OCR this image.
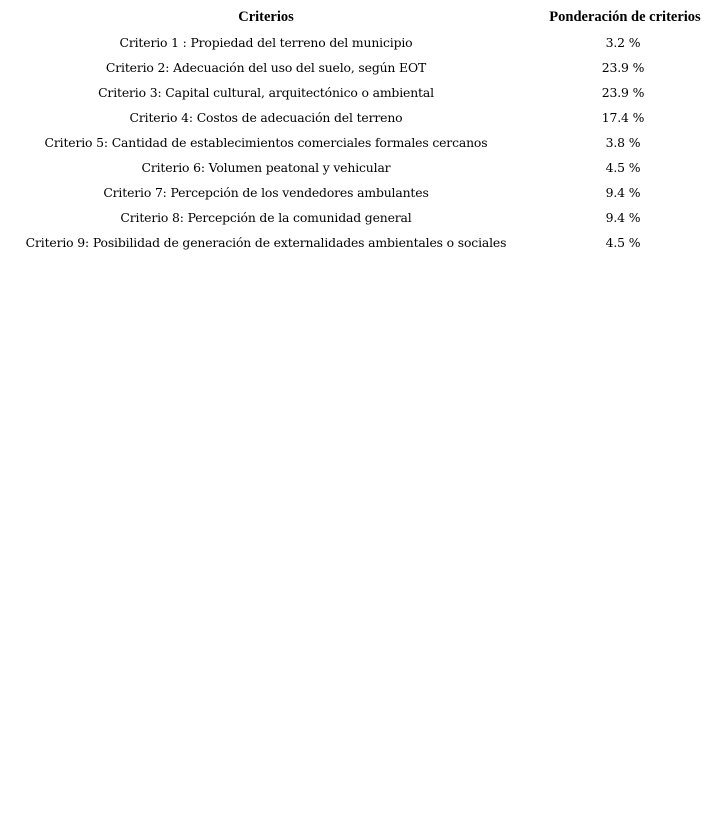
Criterios	Ponderación de criterios
Criterio 1 : Propiedad del terreno del municipio	3.2 %
Criterio 2: Adecuación del uso del suelo, según EOT	23.9 %
Criterio 3: Capital cultural, arquitectónico o ambiental	23.9 %
Criterio 4: Costos de adecuación del terreno	17.4 %
Criterio 5: Cantidad de establecimientos comerciales formales cercanos	3.8 %
Criterio 6: Volumen peatonal y vehicular	4.5 %
Criterio 7: Percepción de los vendedores ambulantes	9.4 %
Criterio 8: Percepción de la comunidad general	9.4 %
Criterio 9: Posibilidad de generación de externalidades ambientales o sociales	4.5 %
